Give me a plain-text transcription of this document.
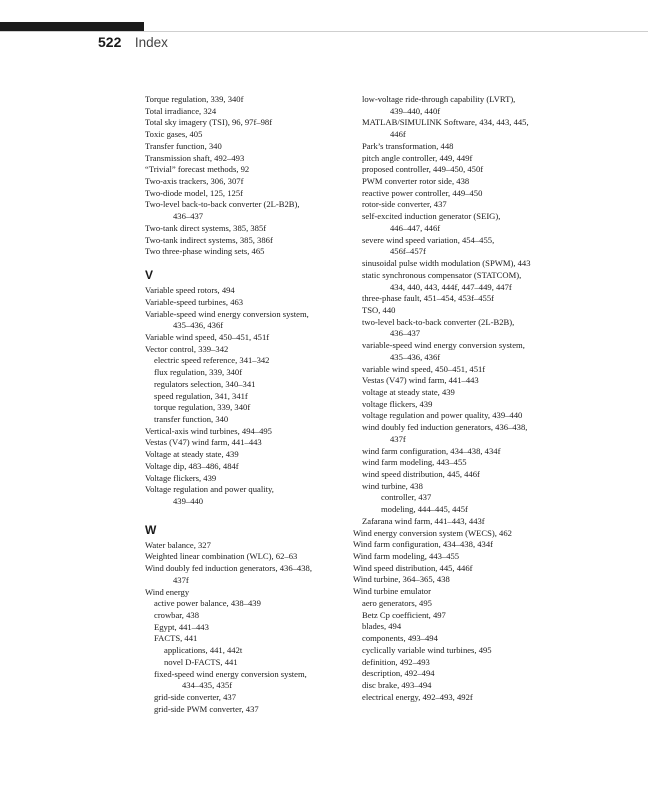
522 Index
Torque regulation, 339, 340f
Total irradiance, 324
Total sky imagery (TSI), 96, 97f–98f
Toxic gases, 405
Transfer function, 340
Transmission shaft, 492–493
“Trivial” forecast methods, 92
Two-axis trackers, 306, 307f
Two-diode model, 125, 125f
Two-level back-to-back converter (2L-B2B),
436–437
Two-tank direct systems, 385, 385f
Two-tank indirect systems, 385, 386f
Two three-phase winding sets, 465
V
Variable speed rotors, 494
Variable-speed turbines, 463
Variable-speed wind energy conversion system,
435–436, 436f
Variable wind speed, 450–451, 451f
Vector control, 339–342
electric speed reference, 341–342
flux regulation, 339, 340f
regulators selection, 340–341
speed regulation, 341, 341f
torque regulation, 339, 340f
transfer function, 340
Vertical-axis wind turbines, 494–495
Vestas (V47) wind farm, 441–443
Voltage at steady state, 439
Voltage dip, 483–486, 484f
Voltage flickers, 439
Voltage regulation and power quality,
439–440
W
Water balance, 327
Weighted linear combination (WLC), 62–63
Wind doubly fed induction generators, 436–438,
437f
Wind energy
active power balance, 438–439
crowbar, 438
Egypt, 441–443
FACTS, 441
applications, 441, 442t
novel D-FACTS, 441
fixed-speed wind energy conversion system,
434–435, 435f
grid-side converter, 437
grid-side PWM converter, 437
low-voltage ride-through capability (LVRT),
439–440, 440f
MATLAB/SIMULINK Software, 434, 443, 445,
446f
Park’s transformation, 448
pitch angle controller, 449, 449f
proposed controller, 449–450, 450f
PWM converter rotor side, 438
reactive power controller, 449–450
rotor-side converter, 437
self-excited induction generator (SEIG),
446–447, 446f
severe wind speed variation, 454–455,
456f–457f
sinusoidal pulse width modulation (SPWM), 443
static synchronous compensator (STATCOM),
434, 440, 443, 444f, 447–449, 447f
three-phase fault, 451–454, 453f–455f
TSO, 440
two-level back-to-back converter (2L-B2B),
436–437
variable-speed wind energy conversion system,
435–436, 436f
variable wind speed, 450–451, 451f
Vestas (V47) wind farm, 441–443
voltage at steady state, 439
voltage flickers, 439
voltage regulation and power quality, 439–440
wind doubly fed induction generators, 436–438,
437f
wind farm configuration, 434–438, 434f
wind farm modeling, 443–455
wind speed distribution, 445, 446f
wind turbine, 438
controller, 437
modeling, 444–445, 445f
Zafarana wind farm, 441–443, 443f
Wind energy conversion system (WECS), 462
Wind farm configuration, 434–438, 434f
Wind farm modeling, 443–455
Wind speed distribution, 445, 446f
Wind turbine, 364–365, 438
Wind turbine emulator
aero generators, 495
Betz Cp coefficient, 497
blades, 494
components, 493–494
cyclically variable wind turbines, 495
definition, 492–493
description, 492–494
disc brake, 493–494
electrical energy, 492–493, 492f
